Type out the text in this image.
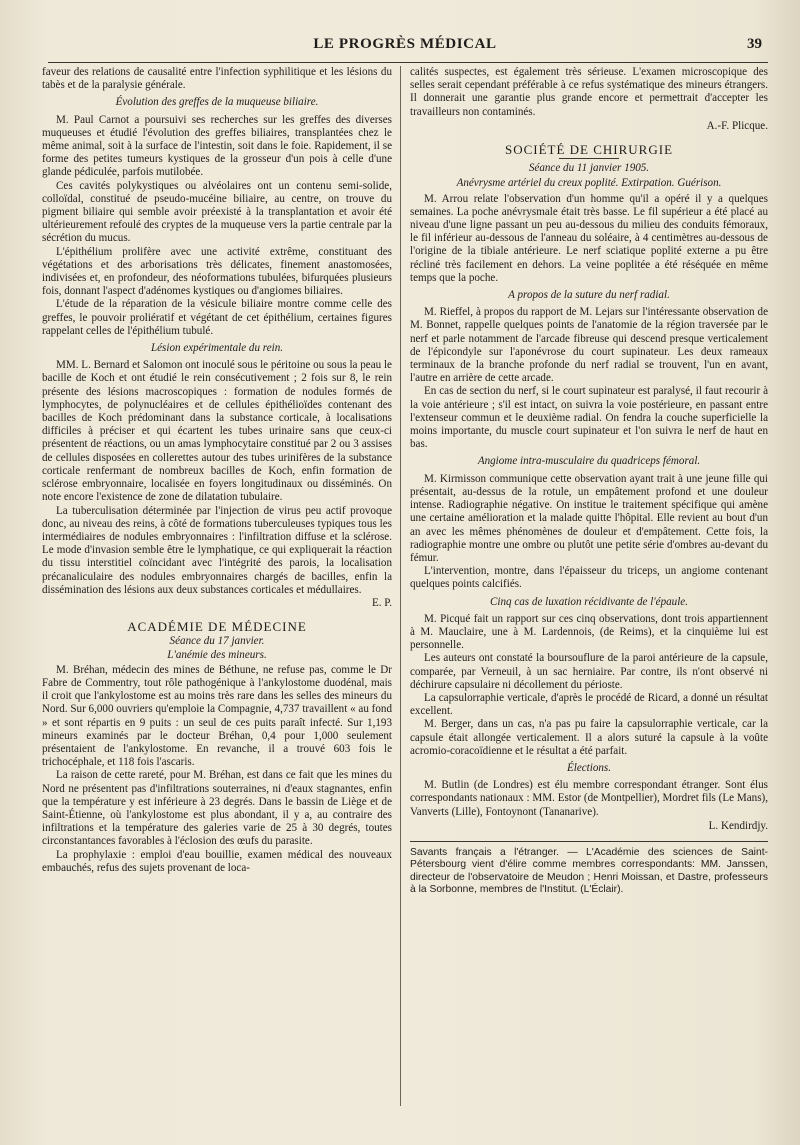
LE PROGRÈS MÉDICAL	39

faveur des relations de causalité entre l'infection syphilitique et les lésions du tabès et de la paralysie générale.

Évolution des greffes de la muqueuse biliaire.

M. Paul Carnot a poursuivi ses recherches sur les greffes des diverses muqueuses et étudié l'évolution des greffes biliaires, transplantées chez le même animal, soit à la surface de l'intestin, soit dans le foie. Rapidement, il se forme des petites tumeurs kystiques de la grosseur d'un pois à celle d'une glande pédiculée, parfois mutilobée.

Ces cavités polykystiques ou alvéolaires ont un contenu semi-solide, colloïdal, constitué de pseudo-mucéine biliaire, au centre, on trouve du pigment biliaire qui semble avoir préexisté à la transplantation et avoir été ultérieurement refoulé des cryptes de la muqueuse vers la partie centrale par la sécrétion du mucus.

L'épithélium prolifère avec une activité extrême, constituant des végétations et des arborisations très délicates, finement anastomosées, indivisées et, en profondeur, des néoformations tubulées, bifurquées plusieurs fois, donnant l'aspect d'adénomes kystiques ou d'angiomes biliaires.

L'étude de la réparation de la vésicule biliaire montre comme celle des greffes, le pouvoir proliératif et végétant de cet épithélium, certaines figures rappelant celles de l'épithélium tubulé.

Lésion expérimentale du rein.

MM. L. Bernard et Salomon ont inoculé sous le péritoine ou sous la peau le bacille de Koch et ont étudié le rein consécutivement ; 2 fois sur 8, le rein présente des lésions macroscopiques : formation de nodules formés de lymphocytes, de polynucléaires et de cellules épithélioïdes contenant des bacilles de Koch prédominant dans la substance corticale, à localisations difficiles à préciser et qui écartent les tubes urinaire sans que ceux-ci présentent de réactions, ou un amas lymphocytaire constitué par 2 ou 3 assises de cellules disposées en collerettes autour des tubes urinifères de la substance corticale renfermant de nombreux bacilles de Koch, enfin formation de sclérose embryonnaire, localisée en foyers longitudinaux ou disséminés. On note encore l'existence de zone de dilatation tubulaire.

La tuberculisation déterminée par l'injection de virus peu actif provoque donc, au niveau des reins, à côté de formations tuberculeuses typiques tous les intermédiaires de nodules embryonnaires : l'infiltration diffuse et la sclérose. Le mode d'invasion semble être le lymphatique, ce qui expliquerait la réaction du tissu interstitiel coïncidant avec l'intégrité des parois, la localisation précanaliculaire des nodules embryonnaires chargés de bacilles, enfin la dissémination des lésions aux deux substances corticales et médullaires.

E. P.
ACADÉMIE DE MÉDECINE
Séance du 17 janvier.
L'anémie des mineurs.

M. Bréhan, médecin des mines de Béthune, ne refuse pas, comme le Dr Fabre de Commentry, tout rôle pathogénique à l'ankylostome duodénal, mais il croit que l'ankylostome est au moins très rare dans les selles des mineurs du Nord. Sur 6,000 ouvriers qu'emploie la Compagnie, 4,737 travaillent « au fond » et sont répartis en 9 puits : un seul de ces puits paraît infecté. Sur 1,193 mineurs examinés par le docteur Bréhan, 0,4 pour 1,000 seulement présentaient de l'ankylostome. En revanche, il a trouvé 603 fois le trichocéphale, et 118 fois l'ascaris.

La raison de cette rareté, pour M. Bréhan, est dans ce fait que les mines du Nord ne présentent pas d'infiltrations souterraines, ni d'eaux stagnantes, enfin que la température y est inférieure à 23 degrés. Dans le bassin de Liège et de Saint-Étienne, où l'ankylostome est plus abondant, il y a, au contraire des infiltrations et la température des galeries varie de 25 à 30 degrés, toutes circonstantances favorables à l'éclosion des œufs du parasite.

La prophylaxie : emploi d'eau bouillie, examen médical des nouveaux embauchés, refus des sujets provenant de loca-

calités suspectes, est également très sérieuse. L'examen microscopique des selles serait cependant préférable à ce refus systématique des mineurs étrangers. Il donnerait une garantie plus grande encore et permettrait d'accepter les travailleurs non contaminés.

A.-F. Plicque.
SOCIÉTÉ DE CHIRURGIE
Séance du 11 janvier 1905.
Anévrysme artériel du creux poplité. Extirpation. Guérison.

M. Arrou relate l'observation d'un homme qu'il a opéré il y a quelques semaines. La poche anévrysmale était très basse. Le fil supérieur a été placé au niveau d'une ligne passant un peu au-dessous du milieu des conduits fémoraux, le fil inférieur au-dessous de l'anneau du soléaire, à 4 centimètres au-dessous de l'origine de la tibiale antérieure. Le nerf sciatique poplité externe a pu être récliné très facilement en dehors. La veine poplitée a été réséquée en même temps que la poche.

A propos de la suture du nerf radial.

M. Rieffel, à propos du rapport de M. Lejars sur l'intéressante observation de M. Bonnet, rappelle quelques points de l'anatomie de la région traversée par le nerf et parle notamment de l'arcade fibreuse qui descend presque verticalement de l'épicondyle sur l'aponévrose du court supinateur. Les deux rameaux terminaux de la branche profonde du nerf radial se trouvent, l'un en avant, l'autre en arrière de cette arcade.

En cas de section du nerf, si le court supinateur est paralysé, il faut recourir à la voie antérieure ; s'il est intact, on suivra la voie postérieure, en passant entre l'extenseur commun et le deuxième radial. On fendra la couche superficielle la moins importante, du muscle court supinateur et l'on suivra le nerf de haut en bas.

Angiome intra-musculaire du quadriceps fémoral.

M. Kirmisson communique cette observation ayant trait à une jeune fille qui présentait, au-dessus de la rotule, un empâtement profond et une douleur intense. Radiographie négative. On institue le traitement spécifique qui amène une certaine amélioration et la malade quitte l'hôpital. Elle revient au bout d'un an avec les mêmes phénomènes de douleur et d'empâtement. Cette fois, la radiographie montre une ombre ou plutôt une petite série d'ombres au-devant du fémur.

L'intervention, montre, dans l'épaisseur du triceps, un angiome contenant quelques points calcifiés.

Cinq cas de luxation récidivante de l'épaule.

M. Picqué fait un rapport sur ces cinq observations, dont trois appartiennent à M. Mauclaire, une à M. Lardennois, (de Reims), et la cinquième lui est personnelle.

Les auteurs ont constaté la boursouflure de la paroi antérieure de la capsule, comparée, par Verneuil, à un sac herniaire. Par contre, ils n'ont observé ni déchirure capsulaire ni décollement du périoste.

La capsulorraphie verticale, d'après le procédé de Ricard, a donné un résultat excellent.

M. Berger, dans un cas, n'a pas pu faire la capsulorraphie verticale, car la capsule était allongée verticalement. Il a alors suturé la capsule à la voûte acromio-coracoïdienne et le résultat a été parfait.

Élections.

M. Butlin (de Londres) est élu membre correspondant étranger. Sont élus correspondants nationaux : MM. Estor (de Montpellier), Mordret fils (Le Mans), Vanverts (Lille), Fontoynont (Tananarive).

L. Kendirdjy.
Savants français a l'étranger. — L'Académie des sciences de Saint-Pétersbourg vient d'élire comme membres correspondants: MM. Janssen, directeur de l'observatoire de Meudon ; Henri Moissan, et Dastre, professeurs à la Sorbonne, membres de l'Institut. (L'Éclair).
